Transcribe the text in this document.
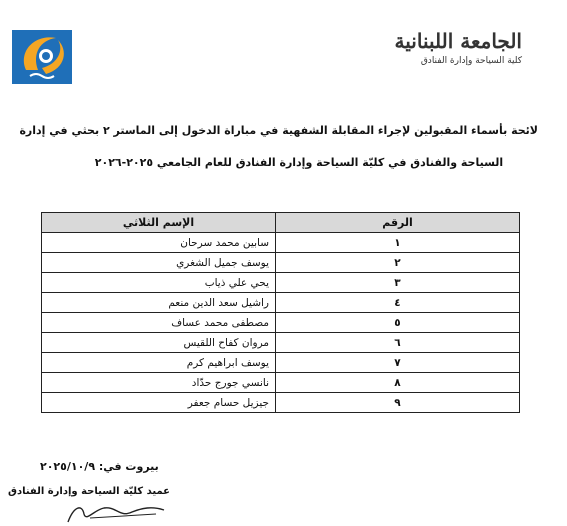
الجامعة اللبنانية
كلية السياحة وإدارة الفنادق
لائحة بأسماء المقبولين لإجراء المقابلة الشفهية في مباراة الدخول إلى الماستر ٢ بحثي في إدارة
السياحة والفنادق في كليّة السياحة وإدارة الفنادق للعام الجامعي ٢٠٢٥-٢٠٢٦
الرقم	الإسم الثلاثي
١	سابين محمد سرحان
٢	يوسف جميل الشغري
٣	يحي علي ذياب
٤	راشيل سعد الدين منعم
٥	مصطفى محمد عساف
٦	مروان كفاح اللقيس
٧	يوسف ابراهيم كرم
٨	نانسي جورج حدّاد
٩	جيزيل حسام جعفر
بيروت في: ٢٠٢٥/١٠/٩
عميد كليّة السياحة وإدارة الفنادق
